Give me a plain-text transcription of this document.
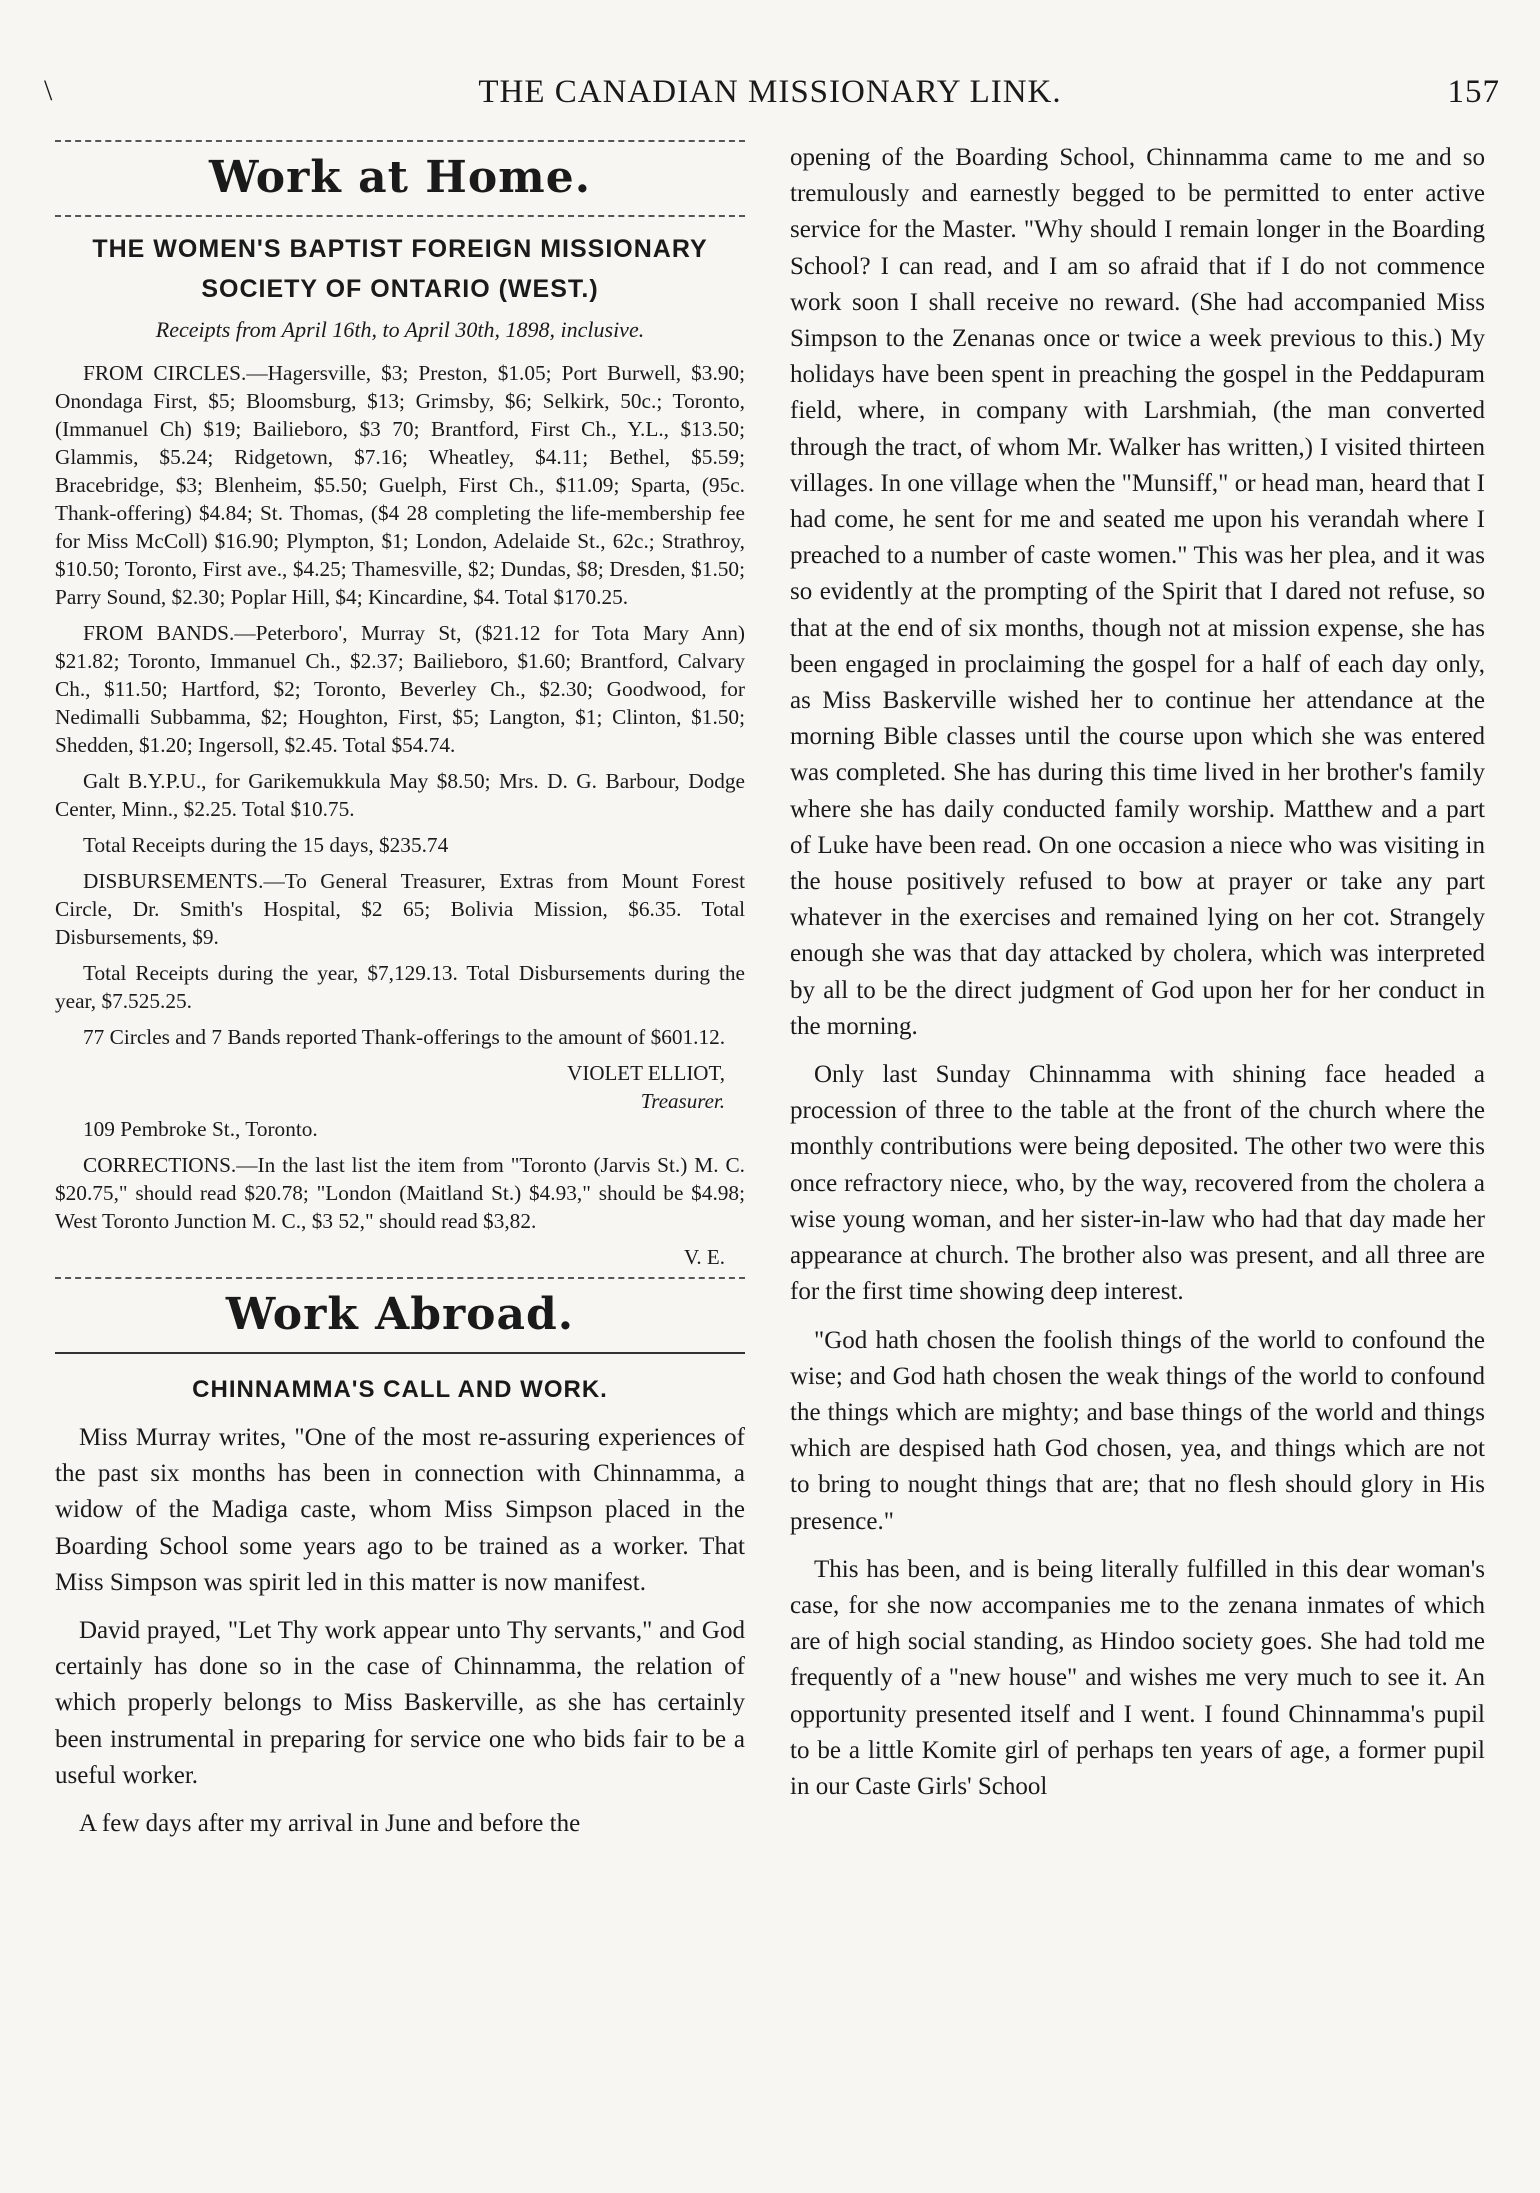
\	THE CANADIAN MISSIONARY LINK.	157
Work at Home.
THE WOMEN'S BAPTIST FOREIGN MISSIONARY SOCIETY OF ONTARIO (WEST.)
Receipts from April 16th, to April 30th, 1898, inclusive.

FROM CIRCLES.—Hagersville, $3; Preston, $1.05; Port Burwell, $3.90; Onondaga First, $5; Bloomsburg, $13; Grimsby, $6; Selkirk, 50c.; Toronto, (Immanuel Ch) $19; Bailieboro, $3 70; Brantford, First Ch., Y.L., $13.50; Glammis, $5.24; Ridgetown, $7.16; Wheatley, $4.11; Bethel, $5.59; Bracebridge, $3; Blenheim, $5.50; Guelph, First Ch., $11.09; Sparta, (95c. Thank-offering) $4.84; St. Thomas, ($4 28 completing the life-membership fee for Miss McColl) $16.90; Plympton, $1; London, Adelaide St., 62c.; Strathroy, $10.50; Toronto, First ave., $4.25; Thamesville, $2; Dundas, $8; Dresden, $1.50; Parry Sound, $2.30; Poplar Hill, $4; Kincardine, $4. Total $170.25.

FROM BANDS.—Peterboro', Murray St, ($21.12 for Tota Mary Ann) $21.82; Toronto, Immanuel Ch., $2.37; Bailieboro, $1.60; Brantford, Calvary Ch., $11.50; Hartford, $2; Toronto, Beverley Ch., $2.30; Goodwood, for Nedimalli Subbamma, $2; Houghton, First, $5; Langton, $1; Clinton, $1.50; Shedden, $1.20; Ingersoll, $2.45. Total $54.74.

Galt B.Y.P.U., for Garikemukkula May $8.50; Mrs. D. G. Barbour, Dodge Center, Minn., $2.25. Total $10.75.

Total Receipts during the 15 days, $235.74

DISBURSEMENTS.—To General Treasurer, Extras from Mount Forest Circle, Dr. Smith's Hospital, $2 65; Bolivia Mission, $6.35. Total Disbursements, $9.

Total Receipts during the year, $7,129.13. Total Disbursements during the year, $7.525.25.

77 Circles and 7 Bands reported Thank-offerings to the amount of $601.12.

VIOLET ELLIOT,

Treasurer.

109 Pembroke St., Toronto.

CORRECTIONS.—In the last list the item from "Toronto (Jarvis St.) M. C. $20.75," should read $20.78; "London (Maitland St.) $4.93," should be $4.98; West Toronto Junction M. C., $3 52," should read $3,82.

V. E.

Work Abroad.
CHINNAMMA'S CALL AND WORK.

Miss Murray writes, "One of the most re-assuring experiences of the past six months has been in connection with Chinnamma, a widow of the Madiga caste, whom Miss Simpson placed in the Boarding School some years ago to be trained as a worker. That Miss Simpson was spirit led in this matter is now manifest.

David prayed, "Let Thy work appear unto Thy servants," and God certainly has done so in the case of Chinnamma, the relation of which properly belongs to Miss Baskerville, as she has certainly been instrumental in preparing for service one who bids fair to be a useful worker.

A few days after my arrival in June and before the

opening of the Boarding School, Chinnamma came to me and so tremulously and earnestly begged to be permitted to enter active service for the Master. "Why should I remain longer in the Boarding School? I can read, and I am so afraid that if I do not commence work soon I shall receive no reward. (She had accompanied Miss Simpson to the Zenanas once or twice a week previous to this.) My holidays have been spent in preaching the gospel in the Peddapuram field, where, in company with Larshmiah, (the man converted through the tract, of whom Mr. Walker has written,) I visited thirteen villages. In one village when the "Munsiff," or head man, heard that I had come, he sent for me and seated me upon his verandah where I preached to a number of caste women." This was her plea, and it was so evidently at the prompting of the Spirit that I dared not refuse, so that at the end of six months, though not at mission expense, she has been engaged in proclaiming the gospel for a half of each day only, as Miss Baskerville wished her to continue her attendance at the morning Bible classes until the course upon which she was entered was completed. She has during this time lived in her brother's family where she has daily conducted family worship. Matthew and a part of Luke have been read. On one occasion a niece who was visiting in the house positively refused to bow at prayer or take any part whatever in the exercises and remained lying on her cot. Strangely enough she was that day attacked by cholera, which was interpreted by all to be the direct judgment of God upon her for her conduct in the morning.

Only last Sunday Chinnamma with shining face headed a procession of three to the table at the front of the church where the monthly contributions were being deposited. The other two were this once refractory niece, who, by the way, recovered from the cholera a wise young woman, and her sister-in-law who had that day made her appearance at church. The brother also was present, and all three are for the first time showing deep interest.

"God hath chosen the foolish things of the world to confound the wise; and God hath chosen the weak things of the world to confound the things which are mighty; and base things of the world and things which are despised hath God chosen, yea, and things which are not to bring to nought things that are; that no flesh should glory in His presence."

This has been, and is being literally fulfilled in this dear woman's case, for she now accompanies me to the zenana inmates of which are of high social standing, as Hindoo society goes. She had told me frequently of a "new house" and wishes me very much to see it. An opportunity presented itself and I went. I found Chinnamma's pupil to be a little Komite girl of perhaps ten years of age, a former pupil in our Caste Girls' School
